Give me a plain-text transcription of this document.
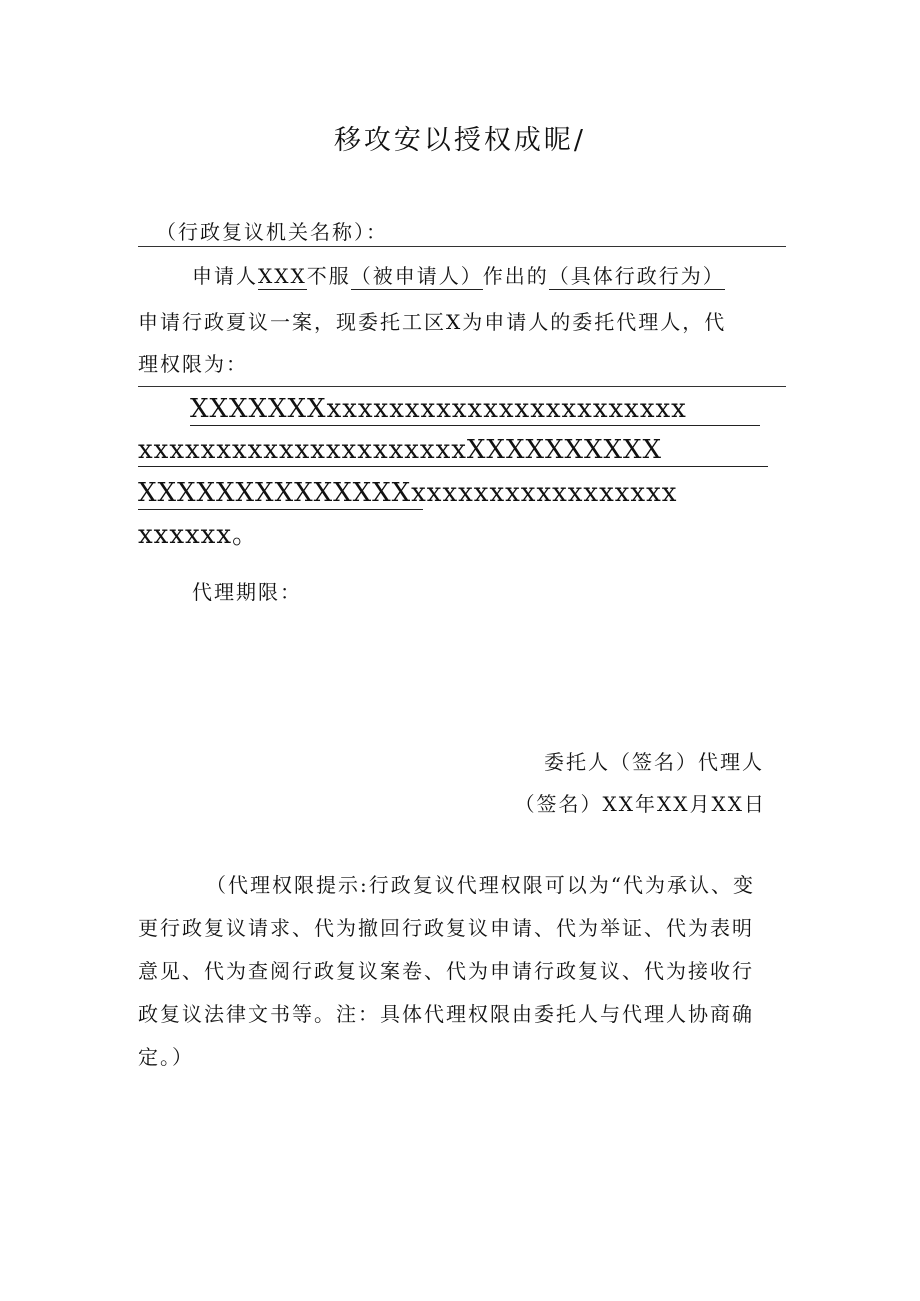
移攻安以授权成昵/
（行政复议机关名称）：
申请人XXX不服（被申请人）作出的（具体行政行为）
申请行政夏议一案，现委托工区X为申请人的委托代理人，代
理权限为：
XXXXXXXxxxxxxxxxxxxxxxxxxxxxxx
xxxxxxxxxxxxxxxxxxxxxXXXXXXXXXX
XXXXXXXXXXXXXXxxxxxxxxxxxxxxxxx
xxxxxx。
代理期限：
委托人（签名）代理人
（签名）XX年XX月XX日
（代理权限提示:行政复议代理权限可以为“代为承认、变
更行政复议请求、代为撤回行政复议申请、代为举证、代为表明
意见、代为查阅行政复议案卷、代为申请行政复议、代为接收行
政复议法律文书等。注：具体代理权限由委托人与代理人协商确
定。）
